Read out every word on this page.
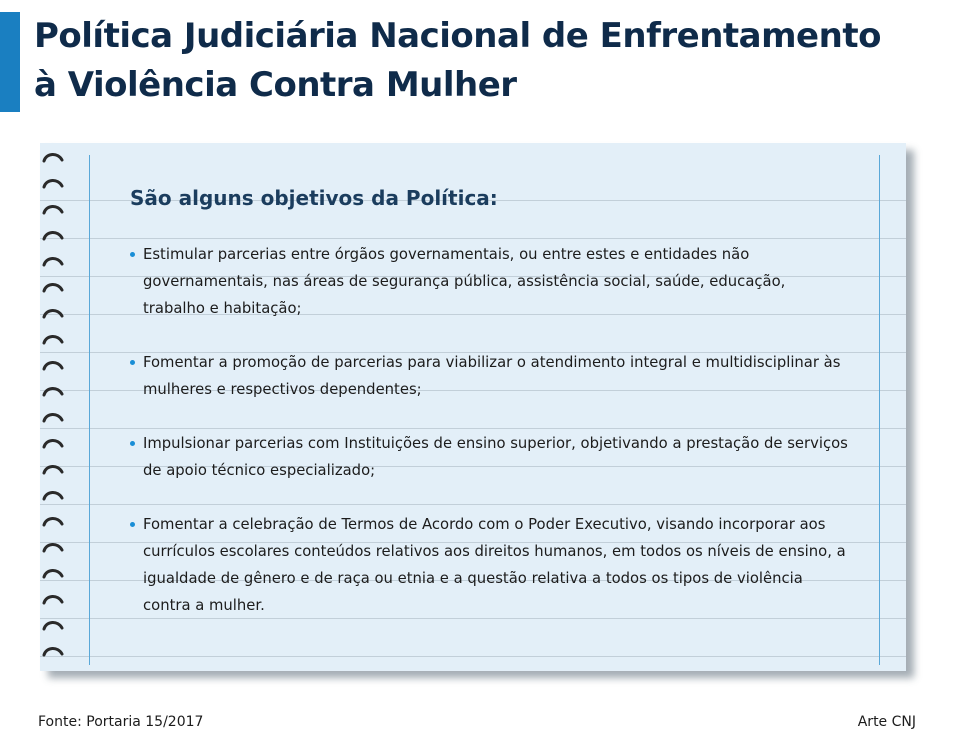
Política Judiciária Nacional de Enfrentamento
à Violência Contra Mulher
São alguns objetivos da Política:
Estimular parcerias entre órgãos governamentais, ou entre estes e entidades não governamentais, nas áreas de segurança pública, assistência social, saúde, educação, trabalho e habitação;
Fomentar a promoção de parcerias para viabilizar o atendimento integral e multidisciplinar às mulheres e respectivos dependentes;
Impulsionar parcerias com Instituições de ensino superior, objetivando a prestação de serviços de apoio técnico especializado;
Fomentar a celebração de Termos de Acordo com o Poder Executivo, visando incorporar aos currículos escolares conteúdos relativos aos direitos humanos, em todos os níveis de ensino, a igualdade de gênero e de raça ou etnia e a questão relativa a todos os tipos de violência contra a mulher.
Fonte: Portaria 15/2017	Arte CNJ
